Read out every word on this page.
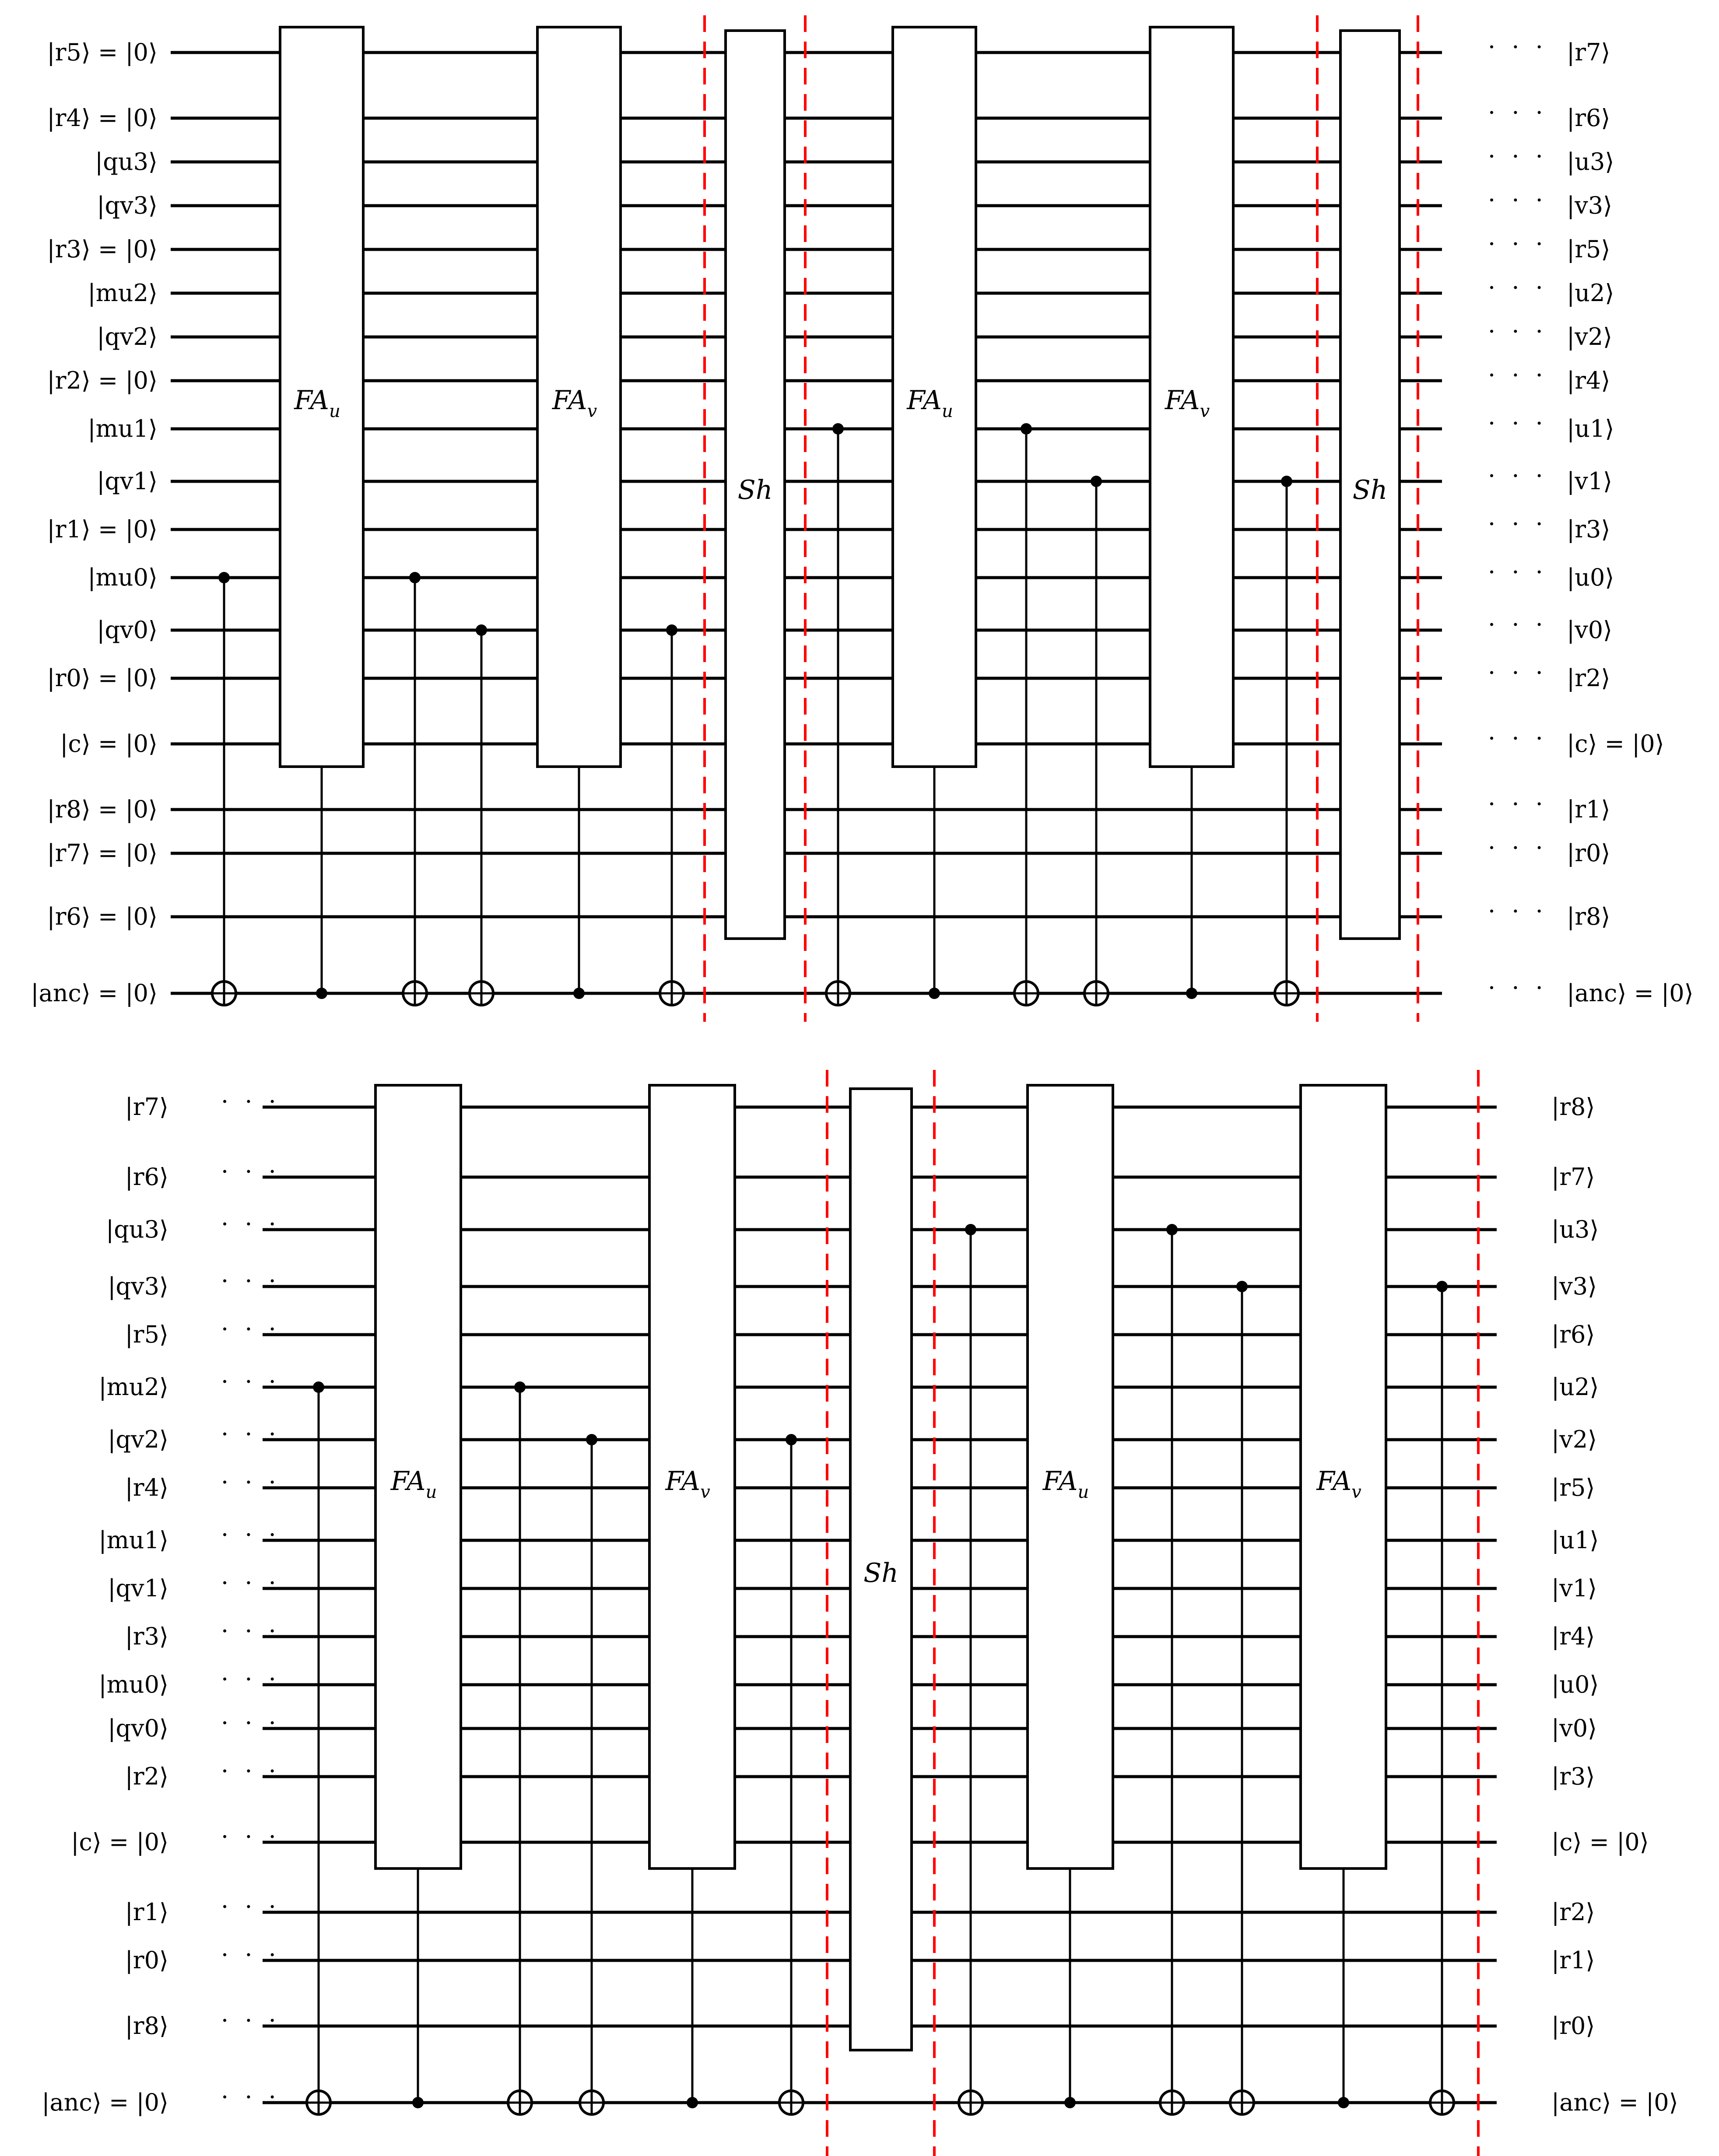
|r5⟩ = |0⟩	|r7⟩
· · ·
|r4⟩ = |0⟩	|r6⟩
· · ·
|qu3⟩	|u3⟩
· · ·
|qv3⟩	|v3⟩
· · ·
|r3⟩ = |0⟩	|r5⟩
· · ·
|mu2⟩	|u2⟩
· · ·
|qv2⟩	|v2⟩
· · ·
|r2⟩ = |0⟩	|r4⟩
· · ·
|mu1⟩	|u1⟩
· · ·
|qv1⟩	|v1⟩
· · ·
|r1⟩ = |0⟩	|r3⟩
· · ·
|mu0⟩	|u0⟩
· · ·
|qv0⟩	|v0⟩
· · ·
|r0⟩ = |0⟩	|r2⟩
· · ·
|c⟩ = |0⟩	|c⟩ = |0⟩
· · ·
|r8⟩ = |0⟩	|r1⟩
· · ·
|r7⟩ = |0⟩	|r0⟩
· · ·
|r6⟩ = |0⟩	|r8⟩
· · ·
|anc⟩ = |0⟩	|anc⟩ = |0⟩
· · ·
$FA_u$	$FA_v$
Sh
$FA_u$	$FA_v$
Sh
|r7⟩	|r8⟩
· · ·
|r6⟩	|r7⟩
· · ·
|qu3⟩	|u3⟩
· · ·
|qv3⟩	|v3⟩
· · ·
|r5⟩	|r6⟩
· · ·
|mu2⟩	|u2⟩
· · ·
|qv2⟩	|v2⟩
· · ·
|r4⟩	|r5⟩
· · ·
|mu1⟩	|u1⟩
· · ·
|qv1⟩	|v1⟩
· · ·
|r3⟩	|r4⟩
· · ·
|mu0⟩	|u0⟩
· · ·
|qv0⟩	|v0⟩
· · ·
|r2⟩	|r3⟩
· · ·
|c⟩ = |0⟩	|c⟩ = |0⟩
· · ·
|r1⟩	|r2⟩
· · ·
|r0⟩	|r1⟩
· · ·
|r8⟩	|r0⟩
· · ·
|anc⟩ = |0⟩	|anc⟩ = |0⟩
· · ·
$FA_u$	$FA_v$
Sh
$FA_u$	$FA_v$
